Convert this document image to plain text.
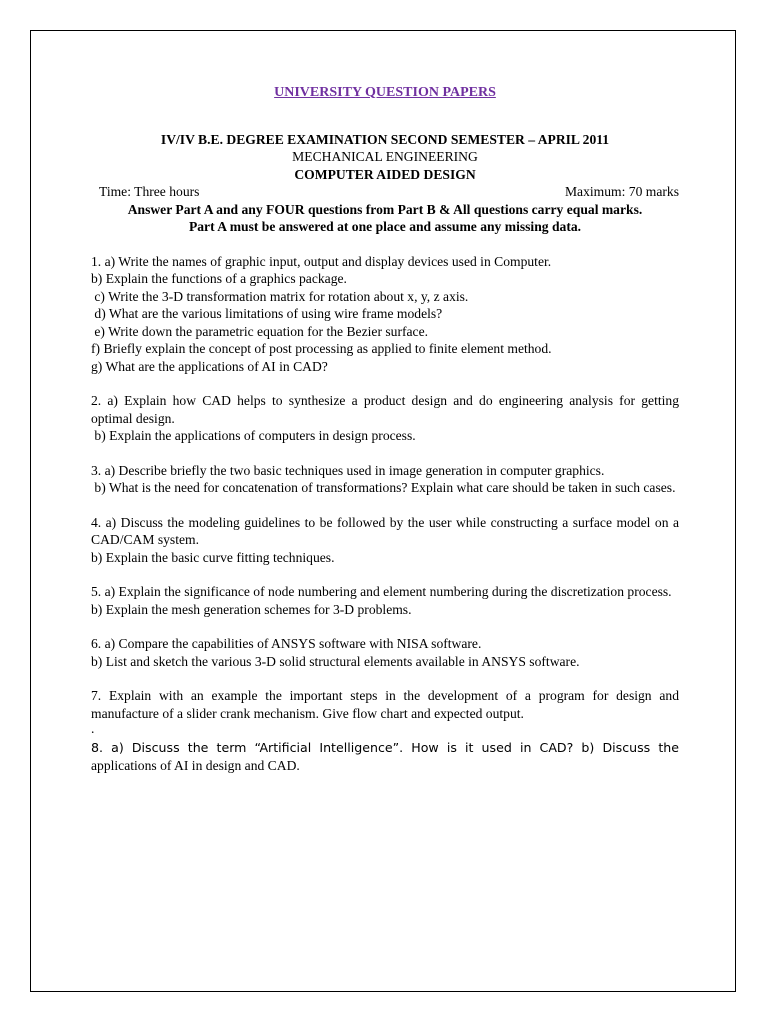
UNIVERSITY QUESTION PAPERS
IV/IV B.E. DEGREE EXAMINATION SECOND SEMESTER – APRIL 2011
MECHANICAL ENGINEERING
COMPUTER AIDED DESIGN
Time: Three hours	Maximum: 70 marks
Answer Part A and any FOUR questions from Part B & All questions carry equal marks.
Part A must be answered at one place and assume any missing data.
1. a) Write the names of graphic input, output and display devices used in Computer.
b) Explain the functions of a graphics package.
c) Write the 3-D transformation matrix for rotation about x, y, z axis.
d) What are the various limitations of using wire frame models?
e) Write down the parametric equation for the Bezier surface.
f) Briefly explain the concept of post processing as applied to finite element method.
g) What are the applications of AI in CAD?
2. a) Explain how CAD helps to synthesize a product design and do engineering analysis for getting optimal design.
b) Explain the applications of computers in design process.
3. a) Describe briefly the two basic techniques used in image generation in computer graphics.
b) What is the need for concatenation of transformations? Explain what care should be taken in such cases.
4. a) Discuss the modeling guidelines to be followed by the user while constructing a surface model on a CAD/CAM system.
b) Explain the basic curve fitting techniques.
5. a) Explain the significance of node numbering and element numbering during the discretization process.
b) Explain the mesh generation schemes for 3-D problems.
6. a) Compare the capabilities of ANSYS software with NISA software.
b) List and sketch the various 3-D solid structural elements available in ANSYS software.
7. Explain with an example the important steps in the development of a program for design and manufacture of a slider crank mechanism. Give flow chart and expected output.
.
8. a) Discuss the term “Artificial Intelligence”. How is it used in CAD? b) Discuss the
applications of AI in design and CAD.
